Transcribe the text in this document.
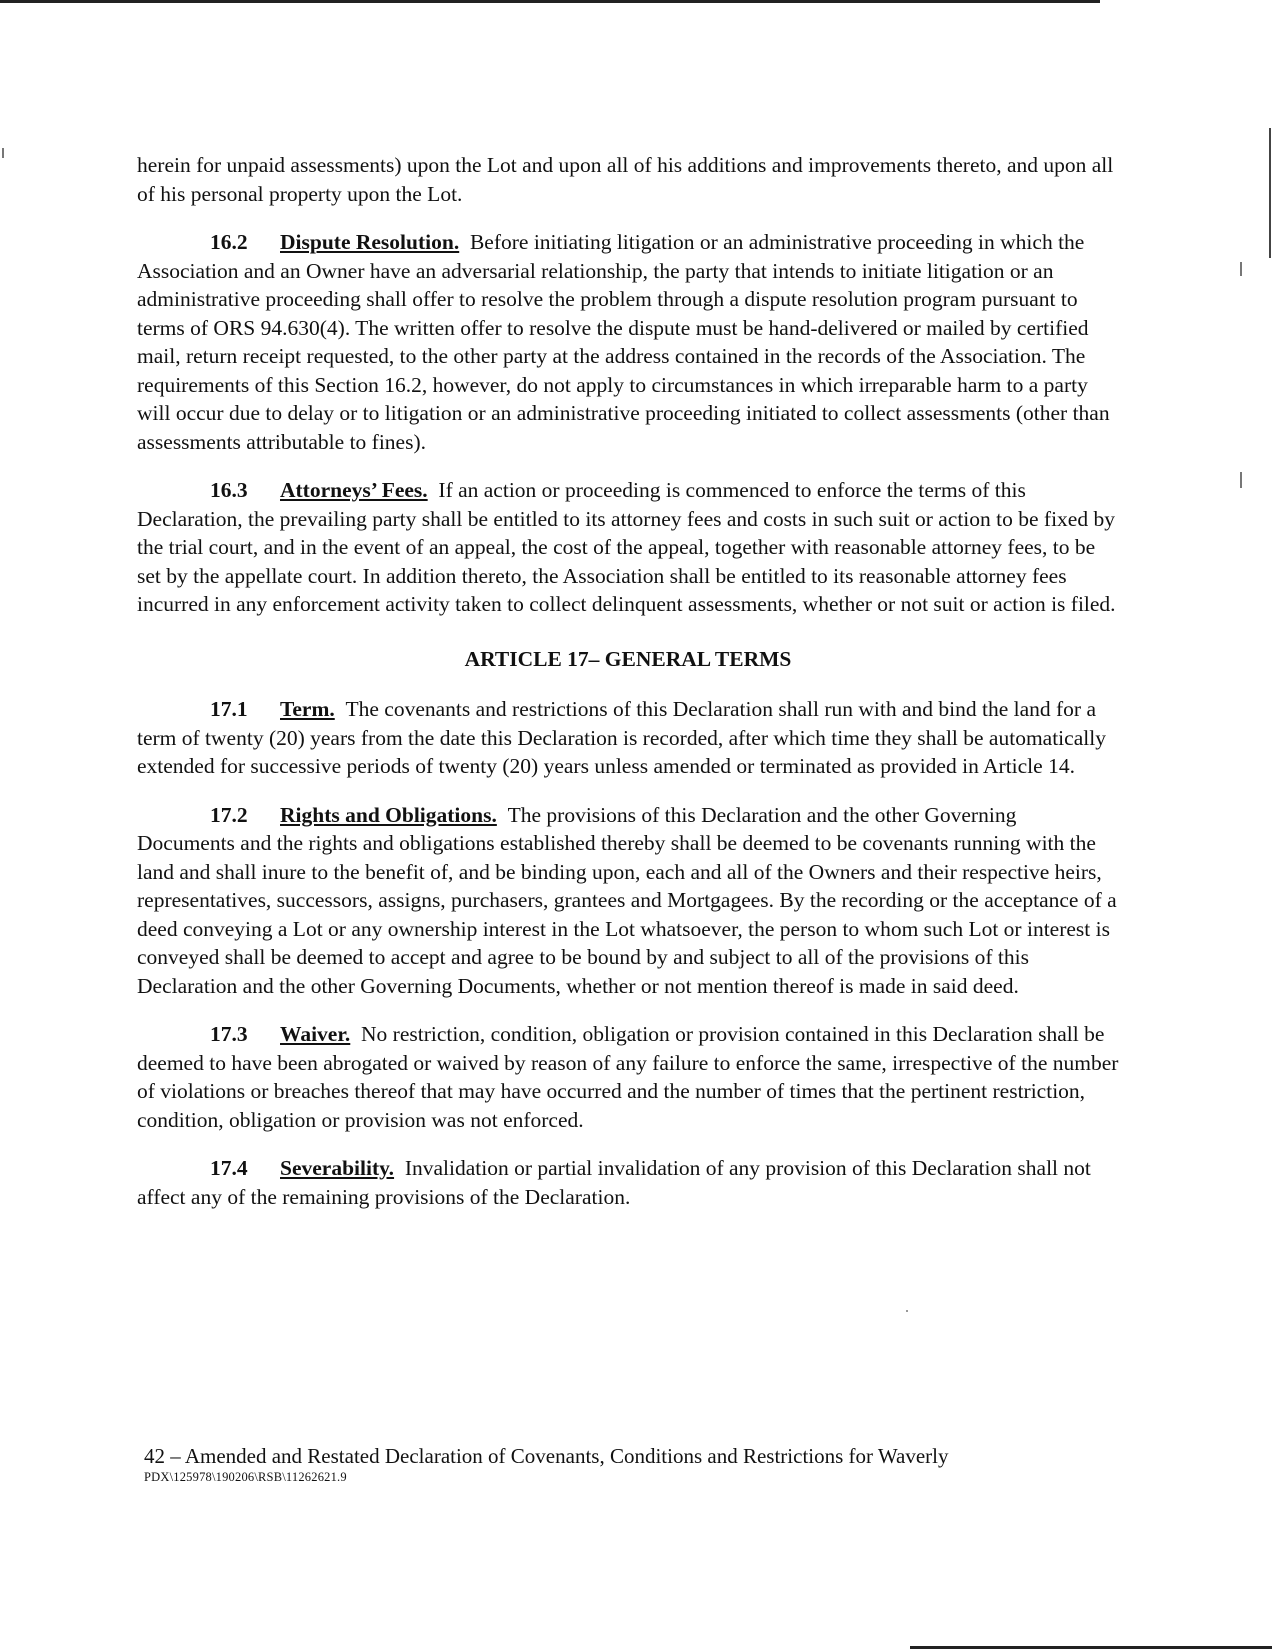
herein for unpaid assessments) upon the Lot and upon all of his additions and improvements thereto, and upon all of his personal property upon the Lot.

16.2 Dispute Resolution. Before initiating litigation or an administrative proceeding in which the Association and an Owner have an adversarial relationship, the party that intends to initiate litigation or an administrative proceeding shall offer to resolve the problem through a dispute resolution program pursuant to terms of ORS 94.630(4). The written offer to resolve the dispute must be hand-delivered or mailed by certified mail, return receipt requested, to the other party at the address contained in the records of the Association. The requirements of this Section 16.2, however, do not apply to circumstances in which irreparable harm to a party will occur due to delay or to litigation or an administrative proceeding initiated to collect assessments (other than assessments attributable to fines).

16.3 Attorneys’ Fees. If an action or proceeding is commenced to enforce the terms of this Declaration, the prevailing party shall be entitled to its attorney fees and costs in such suit or action to be fixed by the trial court, and in the event of an appeal, the cost of the appeal, together with reasonable attorney fees, to be set by the appellate court. In addition thereto, the Association shall be entitled to its reasonable attorney fees incurred in any enforcement activity taken to collect delinquent assessments, whether or not suit or action is filed.

ARTICLE 17– GENERAL TERMS

17.1 Term. The covenants and restrictions of this Declaration shall run with and bind the land for a term of twenty (20) years from the date this Declaration is recorded, after which time they shall be automatically extended for successive periods of twenty (20) years unless amended or terminated as provided in Article 14.

17.2 Rights and Obligations. The provisions of this Declaration and the other Governing Documents and the rights and obligations established thereby shall be deemed to be covenants running with the land and shall inure to the benefit of, and be binding upon, each and all of the Owners and their respective heirs, representatives, successors, assigns, purchasers, grantees and Mortgagees. By the recording or the acceptance of a deed conveying a Lot or any ownership interest in the Lot whatsoever, the person to whom such Lot or interest is conveyed shall be deemed to accept and agree to be bound by and subject to all of the provisions of this Declaration and the other Governing Documents, whether or not mention thereof is made in said deed.

17.3 Waiver. No restriction, condition, obligation or provision contained in this Declaration shall be deemed to have been abrogated or waived by reason of any failure to enforce the same, irrespective of the number of violations or breaches thereof that may have occurred and the number of times that the pertinent restriction, condition, obligation or provision was not enforced.

17.4 Severability. Invalidation or partial invalidation of any provision of this Declaration shall not affect any of the remaining provisions of the Declaration.

42 – Amended and Restated Declaration of Covenants, Conditions and Restrictions for Waverly
PDX\125978\190206\RSB\11262621.9
